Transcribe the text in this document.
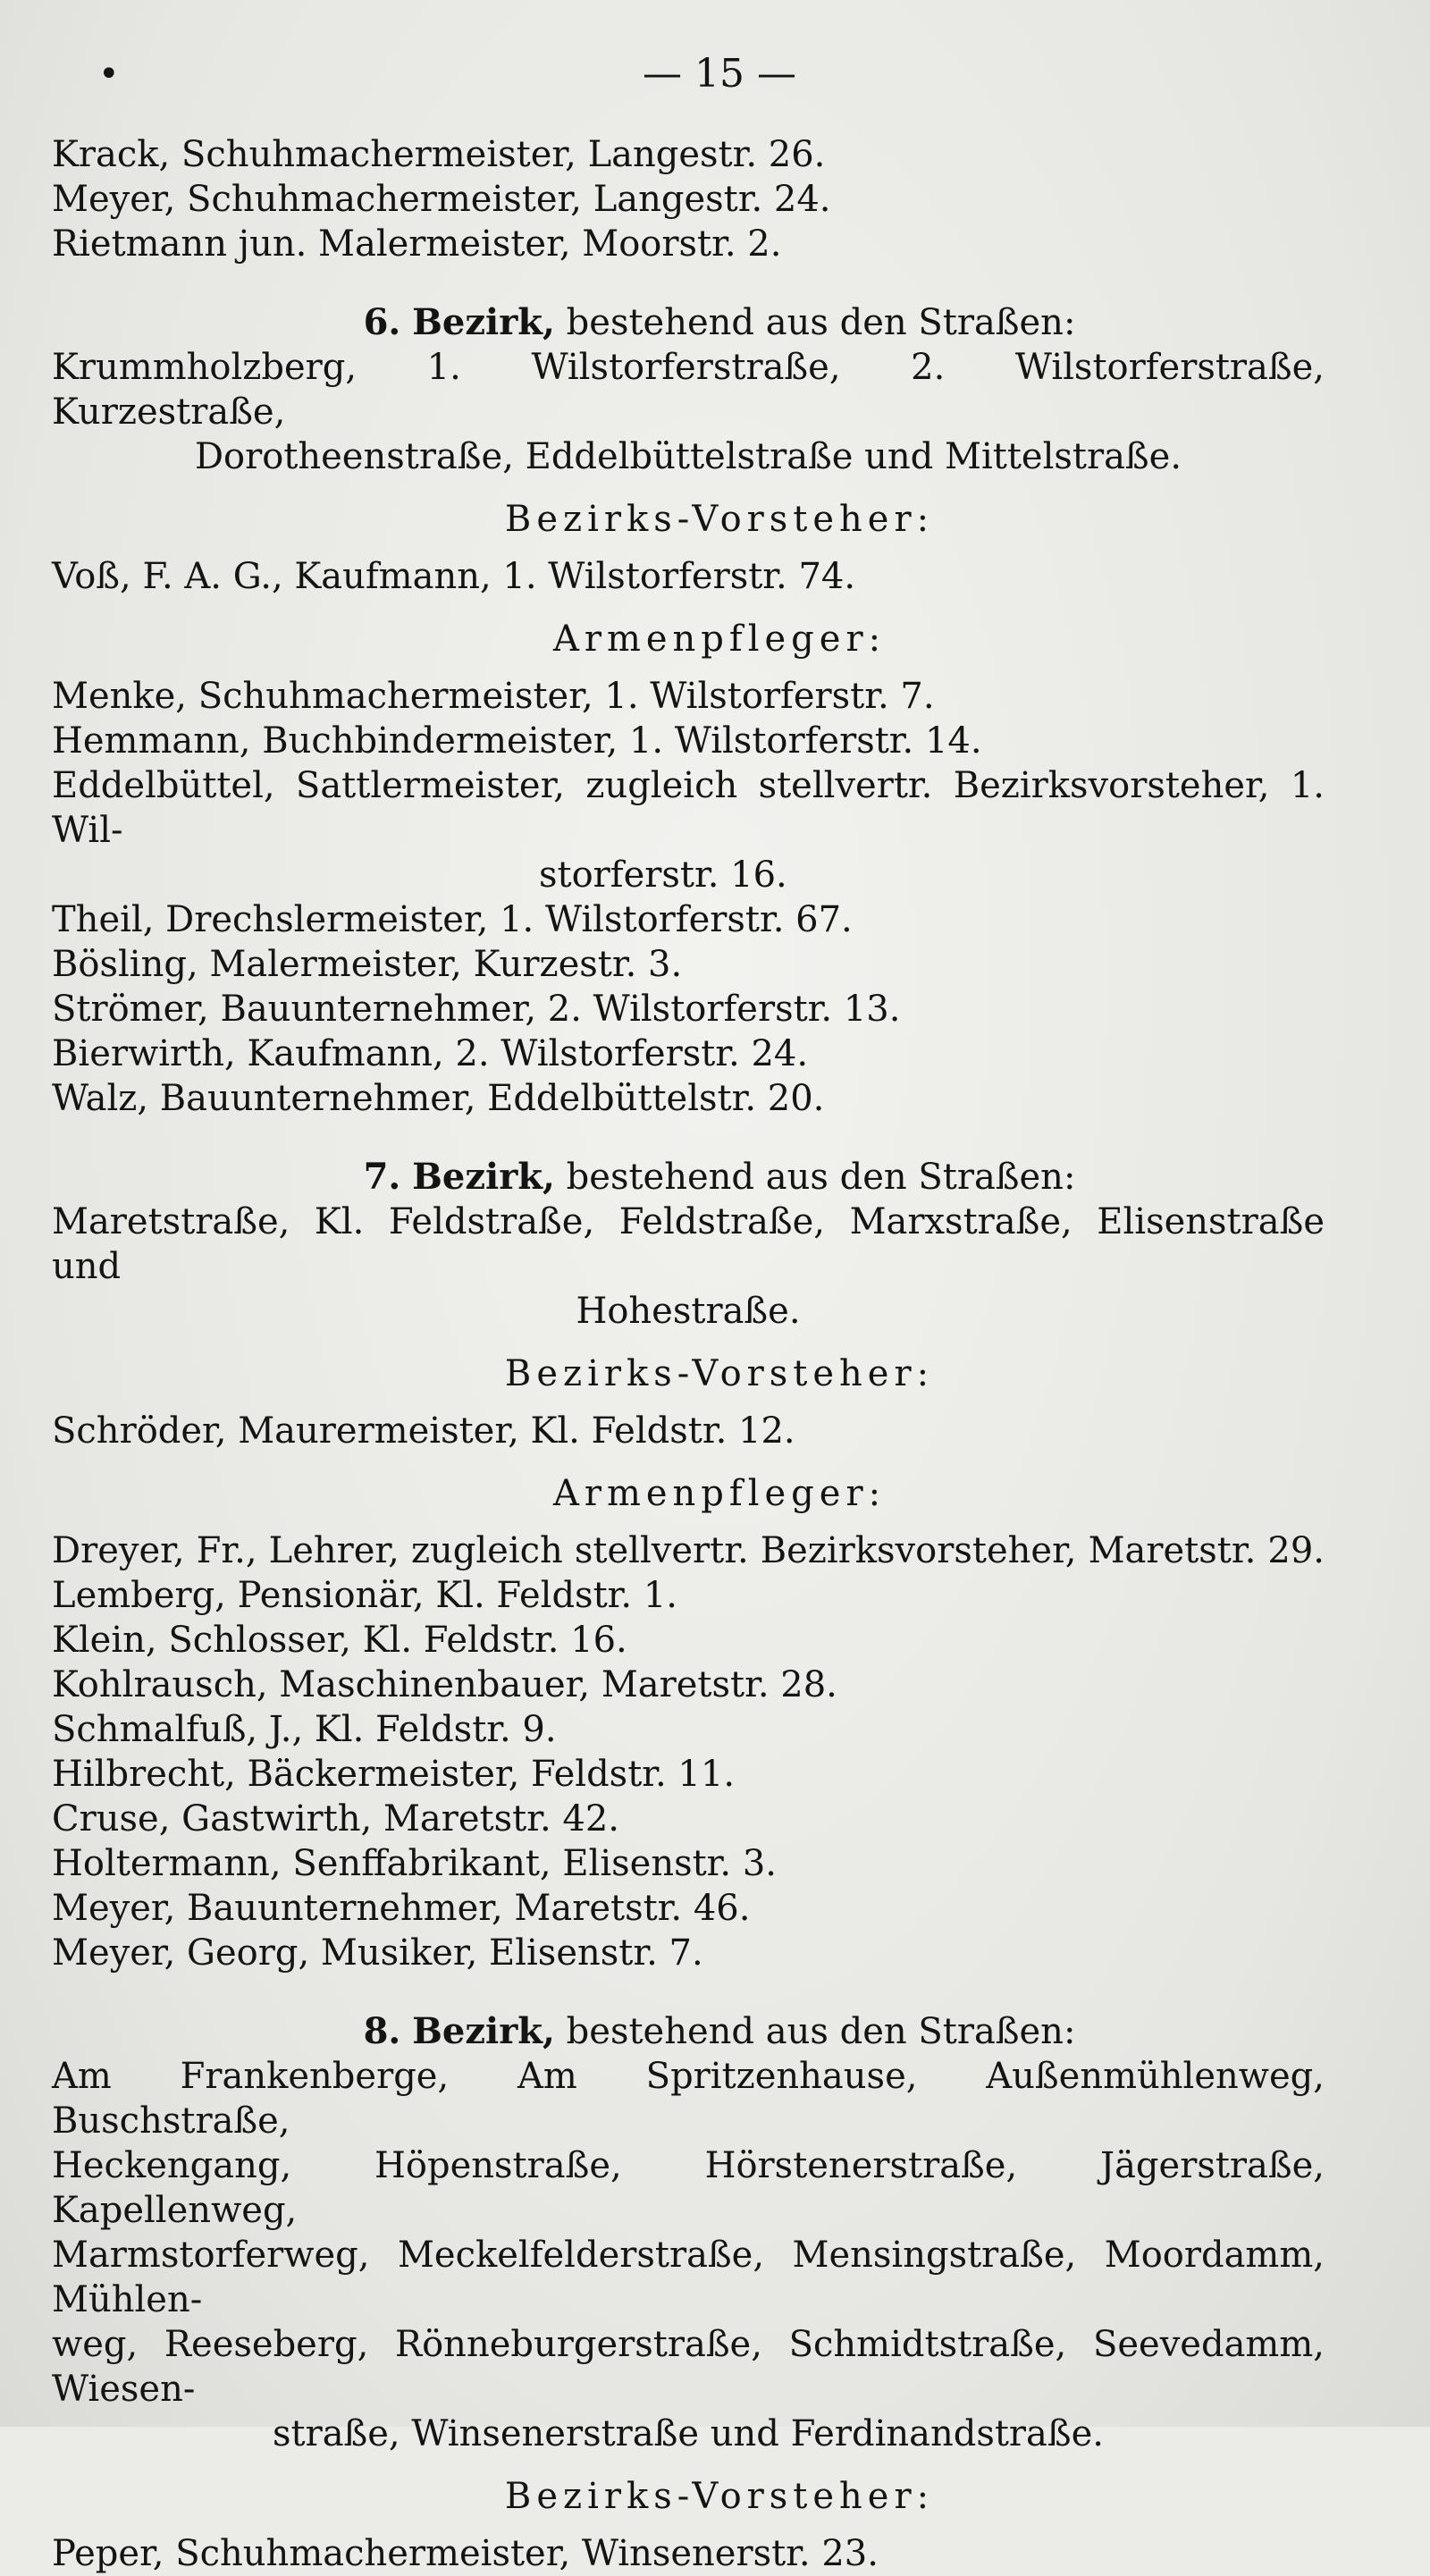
•	— 15 —
Krack, Schuhmachermeister, Langestr. 26.
Meyer, Schuhmachermeister, Langestr. 24.
Rietmann jun. Malermeister, Moorstr. 2.
6. Bezirk, bestehend aus den Straßen:
Krummholzberg, 1. Wilstorferstraße, 2. Wilstorferstraße, Kurzestraße,
Dorotheenstraße, Eddelbüttelstraße und Mittelstraße.
Bezirks-Vorsteher:
Voß, F. A. G., Kaufmann, 1. Wilstorferstr. 74.
Armenpfleger:
Menke, Schuhmachermeister, 1. Wilstorferstr. 7.
Hemmann, Buchbindermeister, 1. Wilstorferstr. 14.
Eddelbüttel, Sattlermeister, zugleich stellvertr. Bezirksvorsteher, 1. Wil-
storferstr. 16.
Theil, Drechslermeister, 1. Wilstorferstr. 67.
Bösling, Malermeister, Kurzestr. 3.
Strömer, Bauunternehmer, 2. Wilstorferstr. 13.
Bierwirth, Kaufmann, 2. Wilstorferstr. 24.
Walz, Bauunternehmer, Eddelbüttelstr. 20.
7. Bezirk, bestehend aus den Straßen:
Maretstraße, Kl. Feldstraße, Feldstraße, Marxstraße, Elisenstraße und
Hohestraße.
Bezirks-Vorsteher:
Schröder, Maurermeister, Kl. Feldstr. 12.
Armenpfleger:
Dreyer, Fr., Lehrer, zugleich stellvertr. Bezirksvorsteher, Maretstr. 29.
Lemberg, Pensionär, Kl. Feldstr. 1.
Klein, Schlosser, Kl. Feldstr. 16.
Kohlrausch, Maschinenbauer, Maretstr. 28.
Schmalfuß, J., Kl. Feldstr. 9.
Hilbrecht, Bäckermeister, Feldstr. 11.
Cruse, Gastwirth, Maretstr. 42.
Holtermann, Senffabrikant, Elisenstr. 3.
Meyer, Bauunternehmer, Maretstr. 46.
Meyer, Georg, Musiker, Elisenstr. 7.
8. Bezirk, bestehend aus den Straßen:
Am Frankenberge, Am Spritzenhause, Außenmühlenweg, Buschstraße,
Heckengang, Höpenstraße, Hörstenerstraße, Jägerstraße, Kapellenweg,
Marmstorferweg, Meckelfelderstraße, Mensingstraße, Moordamm, Mühlen-
weg, Reeseberg, Rönneburgerstraße, Schmidtstraße, Seevedamm, Wiesen-
straße, Winsenerstraße und Ferdinandstraße.
Bezirks-Vorsteher:
Peper, Schuhmachermeister, Winsenerstr. 23.
